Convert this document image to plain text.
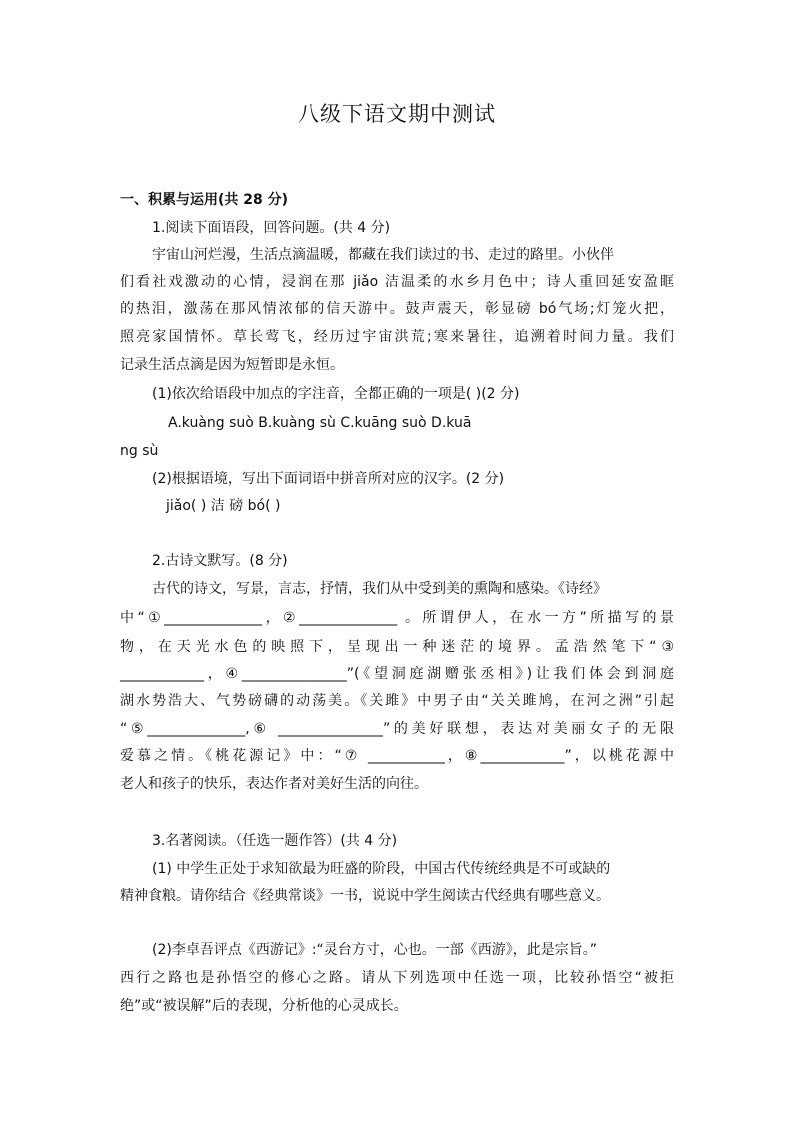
八级下语文期中测试
一、积累与运用(共 28 分)
1.阅读下面语段，回答问题。(共 4 分)
宇宙山河烂漫，生活点滴温暖，都藏在我们读过的书、走过的路里。小伙伴
们看社戏激动的心情，浸润在那 jiǎo 洁温柔的水乡月色中；诗人重回延安盈眶
的热泪，激荡在那风情浓郁的信天游中。鼓声震天，彰显磅 bó气场;灯笼火把，
照亮家国情怀。草长莺飞，经历过宇宙洪荒;寒来暑往，追溯着时间力量。我们
记录生活点滴是因为短暂即是永恒。
(1)依次给语段中加点的字注音，全都正确的一项是( )(2 分)
A.kuàng suò B.kuàng sù C.kuāng suò D.kuā
ng sù
(2)根据语境，写出下面词语中拼音所对应的汉字。(2 分)
jiǎo( ) 洁 磅 bó( )
2.古诗文默写。(8 分)
古代的诗文，写景，言志，抒情，我们从中受到美的熏陶和感染。《诗经》
中“①______________，②______________ 。所谓伊人，在水一方”所描写的景
物，在天光水色的映照下，呈现出一种迷茫的境界。孟浩然笔下“③
____________，④_______________”(《望洞庭湖赠张丞相》)让我们体会到洞庭
湖水势浩大、气势磅礴的动荡美。《关雎》中男子由“关关雎鸠，在河之洲”引起
“⑤______________,⑥ _______________”的美好联想，表达对美丽女子的无限
爱慕之情。《桃花源记》中：“⑦ ___________，⑧____________”，以桃花源中
老人和孩子的快乐，表达作者对美好生活的向往。
3.名著阅读。（任选一题作答）(共 4 分)
(1) 中学生正处于求知欲最为旺盛的阶段，中国古代传统经典是不可或缺的
精神食粮。请你结合《经典常谈》一书，说说中学生阅读古代经典有哪些意义。
(2)李卓吾评点《西游记》:“灵台方寸，心也。一部《西游》，此是宗旨。”
西行之路也是孙悟空的修心之路。请从下列选项中任选一项，比较孙悟空“被拒
绝”或“被误解”后的表现，分析他的心灵成长。
